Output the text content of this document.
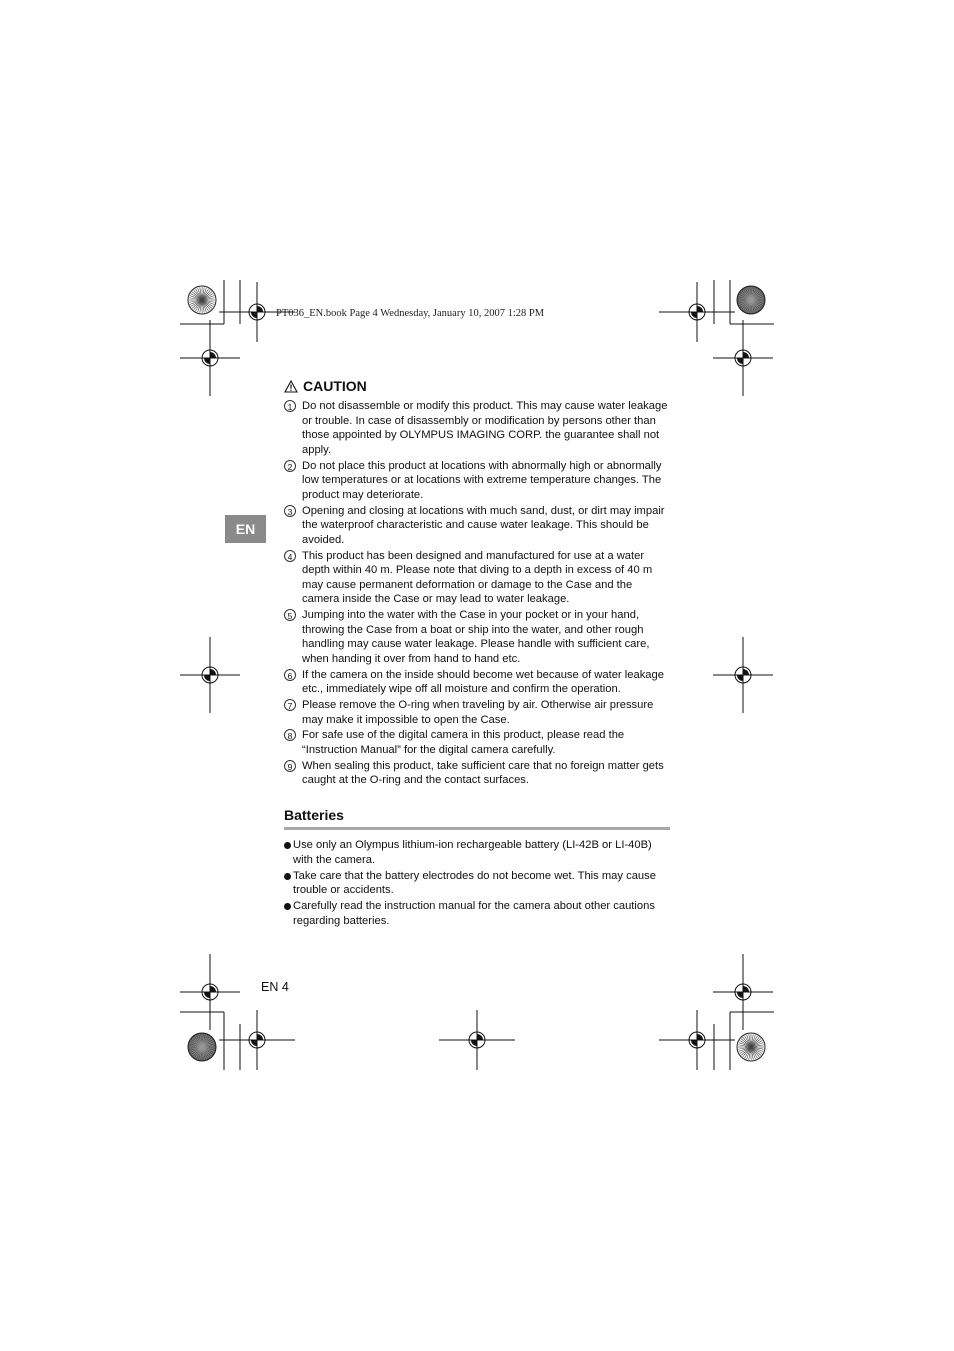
PT036_EN.book Page 4 Wednesday, January 10, 2007 1:28 PM
EN
CAUTION
1 Do not disassemble or modify this product. This may cause water leakage or trouble. In case of disassembly or modification by persons other than those appointed by OLYMPUS IMAGING CORP. the guarantee shall not apply.
2 Do not place this product at locations with abnormally high or abnormally low temperatures or at locations with extreme temperature changes. The product may deteriorate.
3 Opening and closing at locations with much sand, dust, or dirt may impair the waterproof characteristic and cause water leakage. This should be avoided.
4 This product has been designed and manufactured for use at a water depth within 40 m. Please note that diving to a depth in excess of 40 m may cause permanent deformation or damage to the Case and the camera inside the Case or may lead to water leakage.
5 Jumping into the water with the Case in your pocket or in your hand, throwing the Case from a boat or ship into the water, and other rough handling may cause water leakage. Please handle with sufficient care, when handing it over from hand to hand etc.
6 If the camera on the inside should become wet because of water leakage etc., immediately wipe off all moisture and confirm the operation.
7 Please remove the O-ring when traveling by air. Otherwise air pressure may make it impossible to open the Case.
8 For safe use of the digital camera in this product, please read the “Instruction Manual” for the digital camera carefully.
9 When sealing this product, take sufficient care that no foreign matter gets caught at the O-ring and the contact surfaces.
Batteries
Use only an Olympus lithium-ion rechargeable battery (LI-42B or LI-40B) with the camera.
Take care that the battery electrodes do not become wet. This may cause trouble or accidents.
Carefully read the instruction manual for the camera about other cautions regarding batteries.
EN 4
